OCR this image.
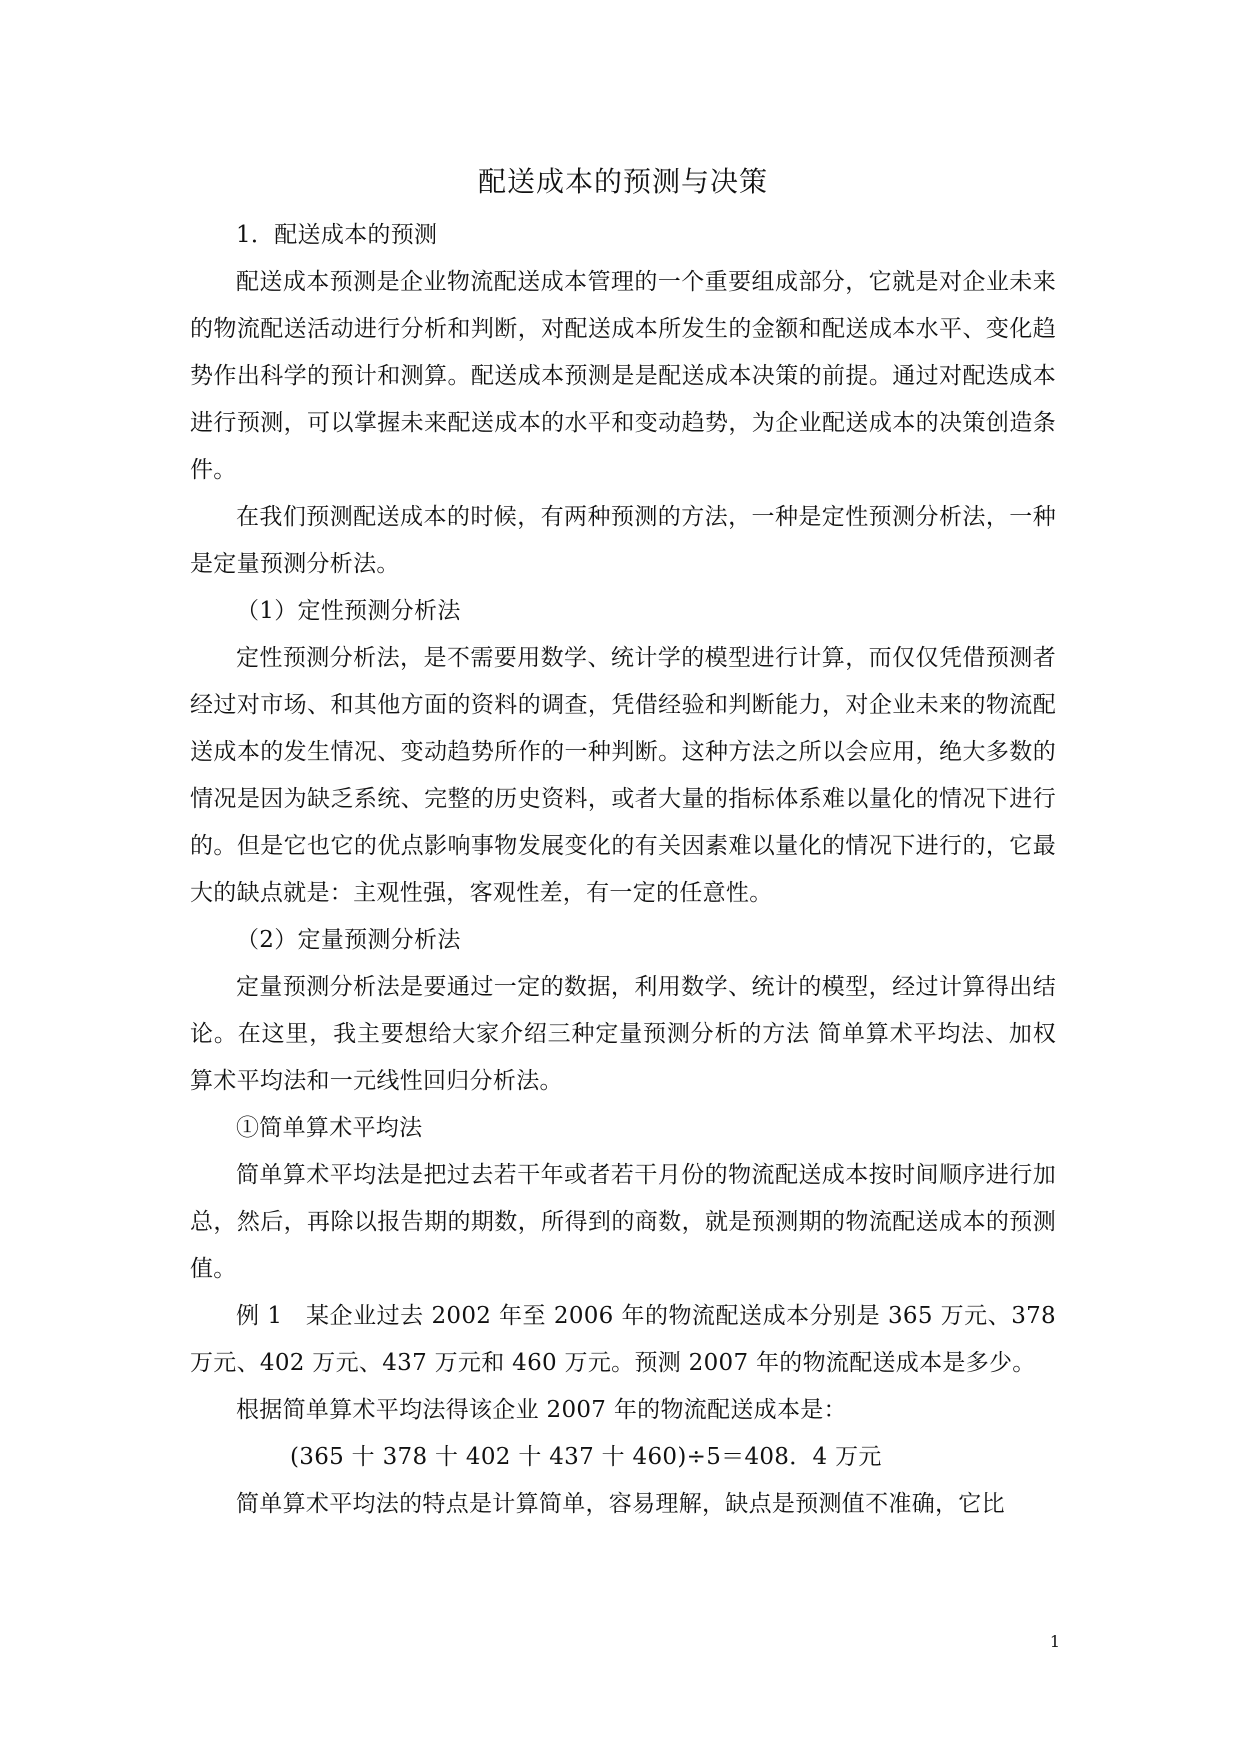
配送成本的预测与决策

1．配送成本的预测

配送成本预测是企业物流配送成本管理的一个重要组成部分，它就是对企业未来的物流配送活动进行分析和判断，对配送成本所发生的金额和配送成本水平、变化趋势作出科学的预计和测算。配送成本预测是是配送成本决策的前提。通过对配迭成本进行预测，可以掌握未来配送成本的水平和变动趋势，为企业配送成本的决策创造条件。

在我们预测配送成本的时候，有两种预测的方法，一种是定性预测分析法，一种是定量预测分析法。

（1）定性预测分析法

定性预测分析法，是不需要用数学、统计学的模型进行计算，而仅仅凭借预测者经过对市场、和其他方面的资料的调查，凭借经验和判断能力，对企业未来的物流配送成本的发生情况、变动趋势所作的一种判断。这种方法之所以会应用，绝大多数的情况是因为缺乏系统、完整的历史资料，或者大量的指标体系难以量化的情况下进行的。但是它也它的优点影响事物发展变化的有关因素难以量化的情况下进行的，它最大的缺点就是：主观性强，客观性差，有一定的任意性。

（2）定量预测分析法

定量预测分析法是要通过一定的数据，利用数学、统计的模型，经过计算得出结论。在这里，我主要想给大家介绍三种定量预测分析的方法 简单算术平均法、加权算术平均法和一元线性回归分析法。

①简单算术平均法

简单算术平均法是把过去若干年或者若干月份的物流配送成本按时间顺序进行加总，然后，再除以报告期的期数，所得到的商数，就是预测期的物流配送成本的预测值。

例 1　某企业过去 2002 年至 2006 年的物流配送成本分别是 365 万元、378 万元、402 万元、437 万元和 460 万元。预测 2007 年的物流配送成本是多少。

根据简单算术平均法得该企业 2007 年的物流配送成本是：

(365 十 378 十 402 十 437 十 460)÷5＝408．4 万元

简单算术平均法的特点是计算简单，容易理解，缺点是预测值不准确，它比

1
